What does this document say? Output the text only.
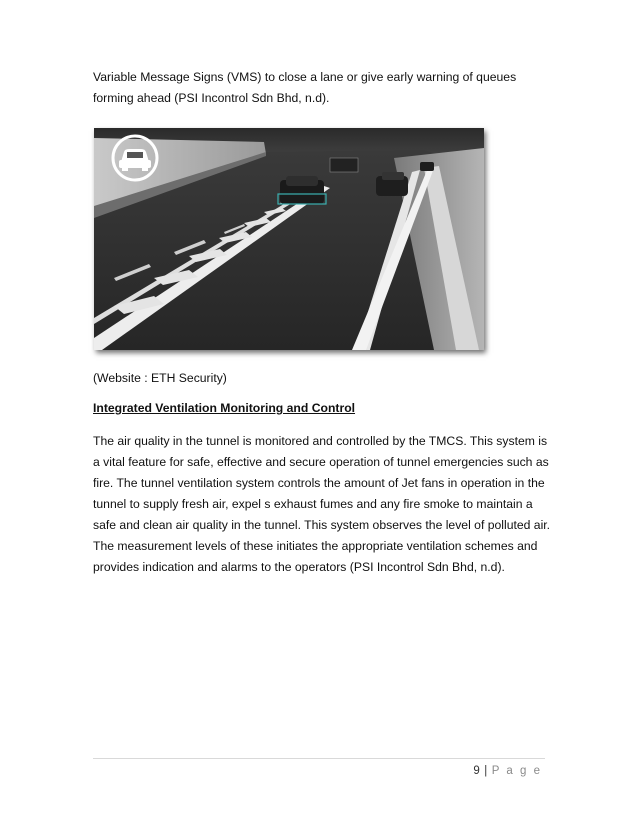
Variable Message Signs (VMS) to close a lane or give early warning of queues forming ahead (PSI Incontrol Sdn Bhd, n.d).

(Website : ETH Security)

Integrated Ventilation Monitoring and Control

The air quality in the tunnel is monitored and controlled by the TMCS. This system is a vital feature for safe, effective and secure operation of tunnel emergencies such as fire. The tunnel ventilation system controls the amount of Jet fans in operation in the tunnel to supply fresh air, expel s exhaust fumes and any fire smoke to maintain a safe and clean air quality in the tunnel. This system observes the level of polluted air. The measurement levels of these initiates the appropriate ventilation schemes and provides indication and alarms to the operators (PSI Incontrol Sdn Bhd, n.d).

9 | P a g e
